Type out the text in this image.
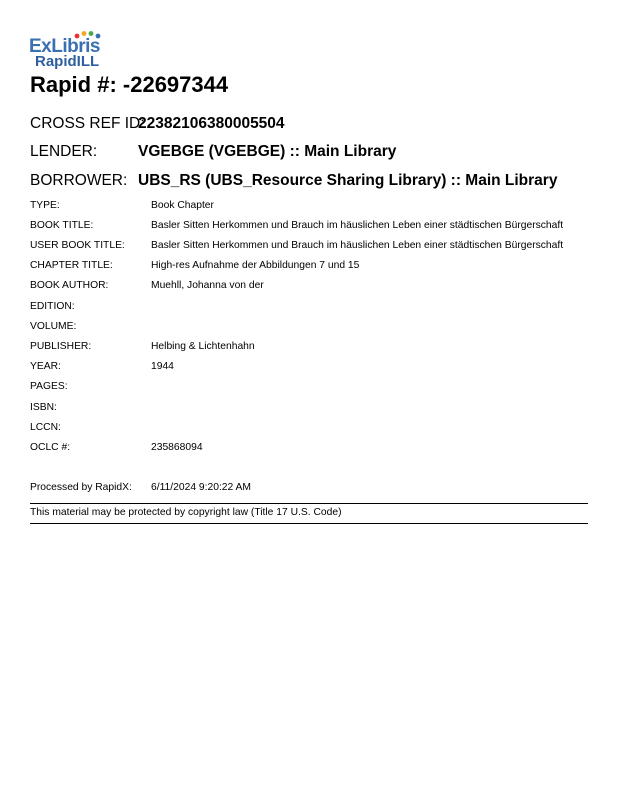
ExLibris
RapidILL
Rapid #: -22697344
CROSS REF ID:
22382106380005504
LENDER:	VGEBGE (VGEBGE) :: Main Library
BORROWER: UBS_RS (UBS_Resource Sharing Library) :: Main Library
TYPE:	Book Chapter
BOOK TITLE:	Basler Sitten Herkommen und Brauch im häuslichen Leben einer städtischen Bürgerschaft
USER BOOK TITLE:	Basler Sitten Herkommen und Brauch im häuslichen Leben einer städtischen Bürgerschaft
CHAPTER TITLE:	High-res Aufnahme der Abbildungen 7 und 15
BOOK AUTHOR:	Muehll, Johanna von der
EDITION:
VOLUME:
PUBLISHER:	Helbing & Lichtenhahn
YEAR:	1944
PAGES:
ISBN:
LCCN:
OCLC #:	235868094
Processed by RapidX: 6/11/2024 9:20:22 AM
This material may be protected by copyright law (Title 17 U.S. Code)
